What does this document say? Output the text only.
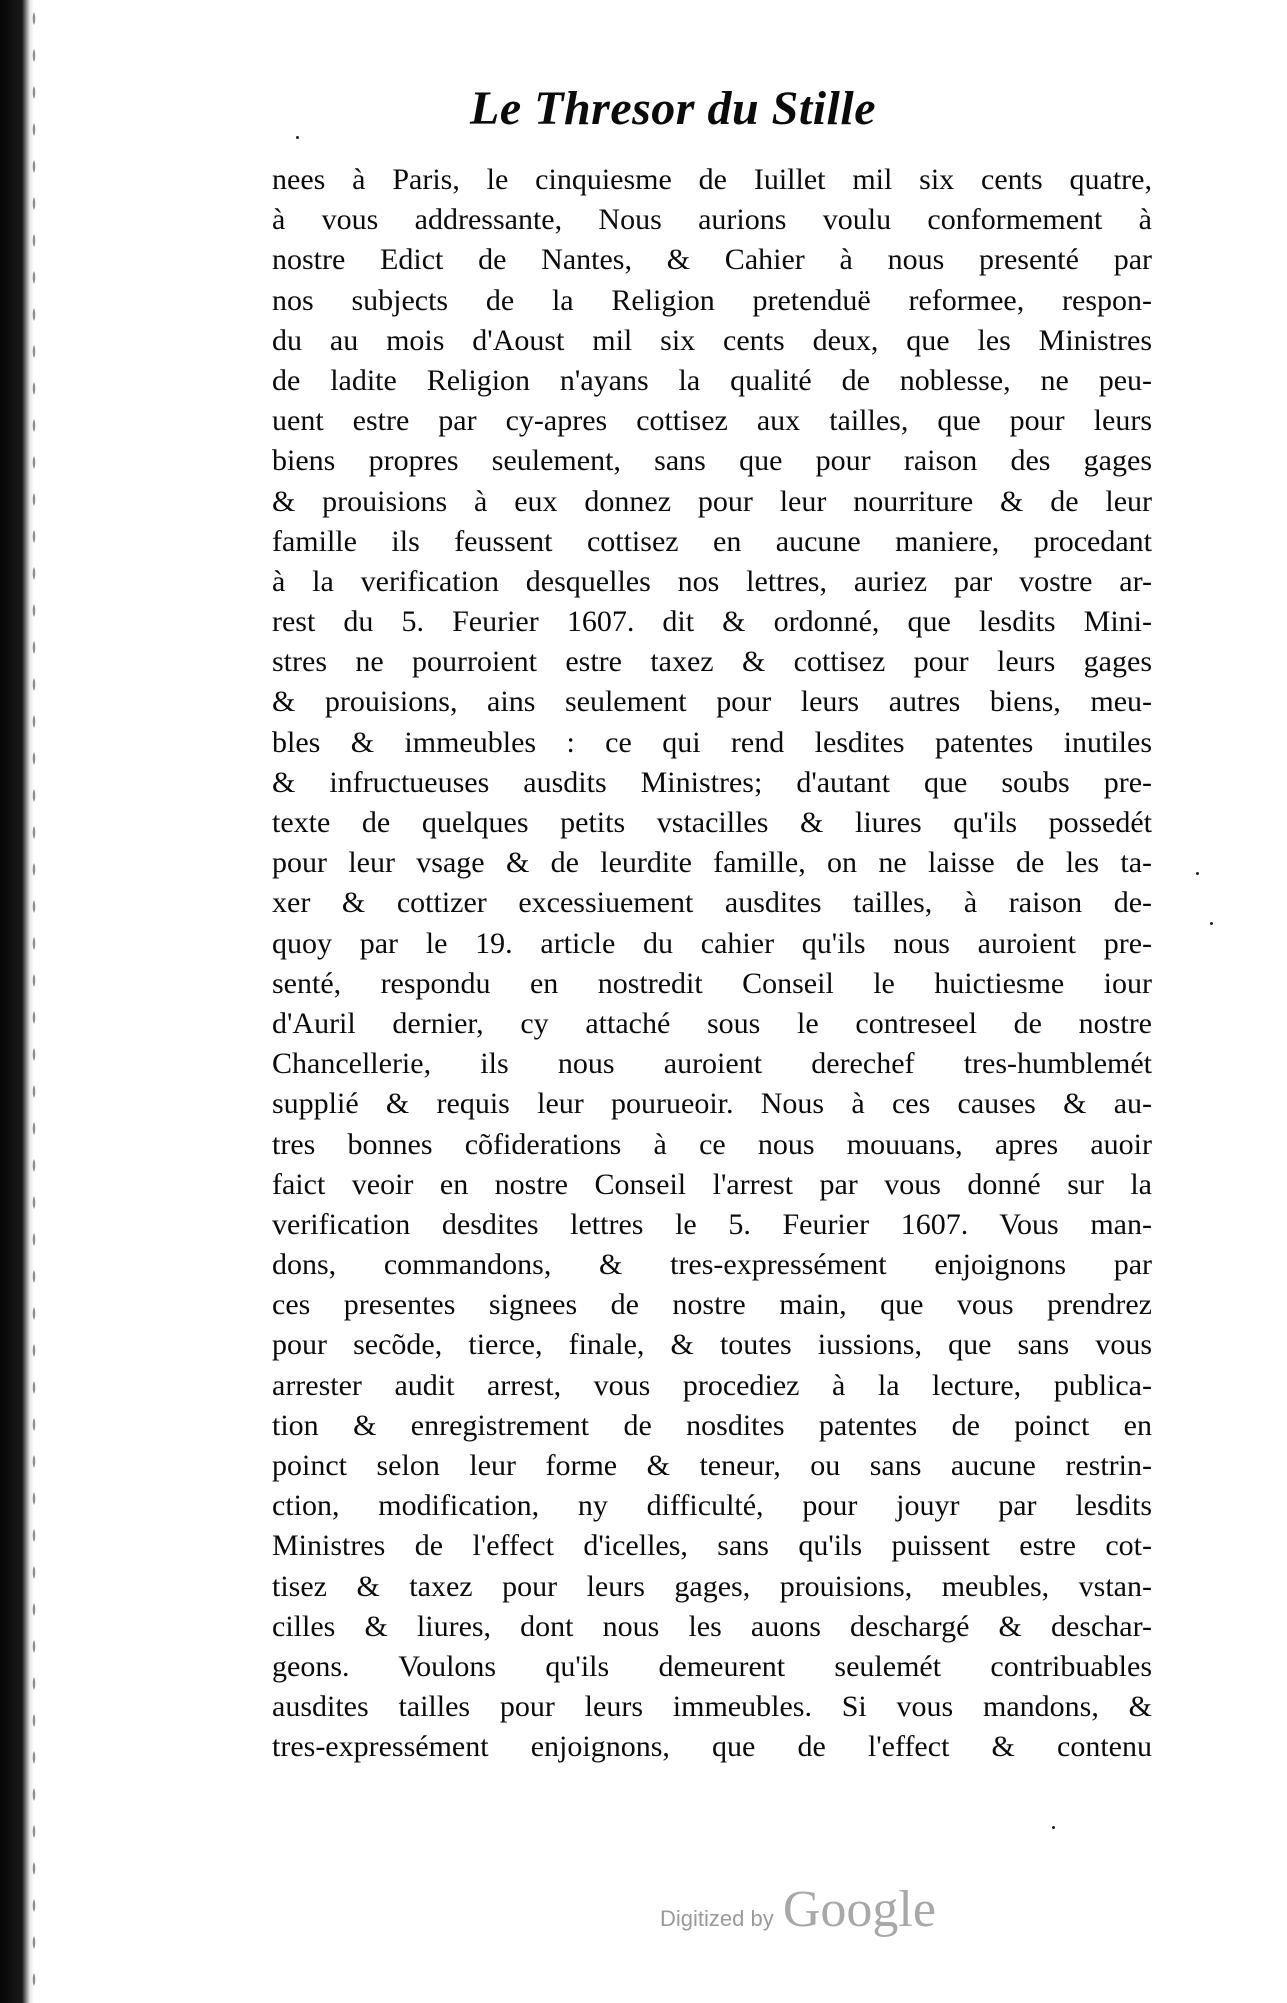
Le Thresor du Stille
nees à Paris, le cinquiesme de Iuillet mil six cents quatre,
à vous addressante, Nous aurions voulu conformement à
nostre Edict de Nantes, & Cahier à nous presenté par
nos subjects de la Religion pretenduë reformee, respon-
du au mois d'Aoust mil six cents deux, que les Ministres
de ladite Religion n'ayans la qualité de noblesse, ne peu-
uent estre par cy-apres cottisez aux tailles, que pour leurs
biens propres seulement, sans que pour raison des gages
& prouisions à eux donnez pour leur nourriture & de leur
famille ils feussent cottisez en aucune maniere, procedant
à la verification desquelles nos lettres, auriez par vostre ar-
rest du 5. Feurier 1607. dit & ordonné, que lesdits Mini-
stres ne pourroient estre taxez & cottisez pour leurs gages
& prouisions, ains seulement pour leurs autres biens, meu-
bles & immeubles : ce qui rend lesdites patentes inutiles
& infructueuses ausdits Ministres; d'autant que soubs pre-
texte de quelques petits vstacilles & liures qu'ils possedét
pour leur vsage & de leurdite famille, on ne laisse de les ta-
xer & cottizer excessiuement ausdites tailles, à raison de-
quoy par le 19. article du cahier qu'ils nous auroient pre-
senté, respondu en nostredit Conseil le huictiesme iour
d'Auril dernier, cy attaché sous le contreseel de nostre
Chancellerie, ils nous auroient derechef tres-humblemét
supplié & requis leur pourueoir. Nous à ces causes & au-
tres bonnes cõfiderations à ce nous mouuans, apres auoir
faict veoir en nostre Conseil l'arrest par vous donné sur la
verification desdites lettres le 5. Feurier 1607. Vous man-
dons, commandons, & tres-expressément enjoignons par
ces presentes signees de nostre main, que vous prendrez
pour secõde, tierce, finale, & toutes iussions, que sans vous
arrester audit arrest, vous procediez à la lecture, publica-
tion & enregistrement de nosdites patentes de poinct en
poinct selon leur forme & teneur, ou sans aucune restrin-
ction, modification, ny difficulté, pour jouyr par lesdits
Ministres de l'effect d'icelles, sans qu'ils puissent estre cot-
tisez & taxez pour leurs gages, prouisions, meubles, vstan-
cilles & liures, dont nous les auons deschargé & deschar-
geons. Voulons qu'ils demeurent seulemét contribuables
ausdites tailles pour leurs immeubles. Si vous mandons, &
tres-expressément enjoignons, que de l'effect & contenu
Digitized by Google
